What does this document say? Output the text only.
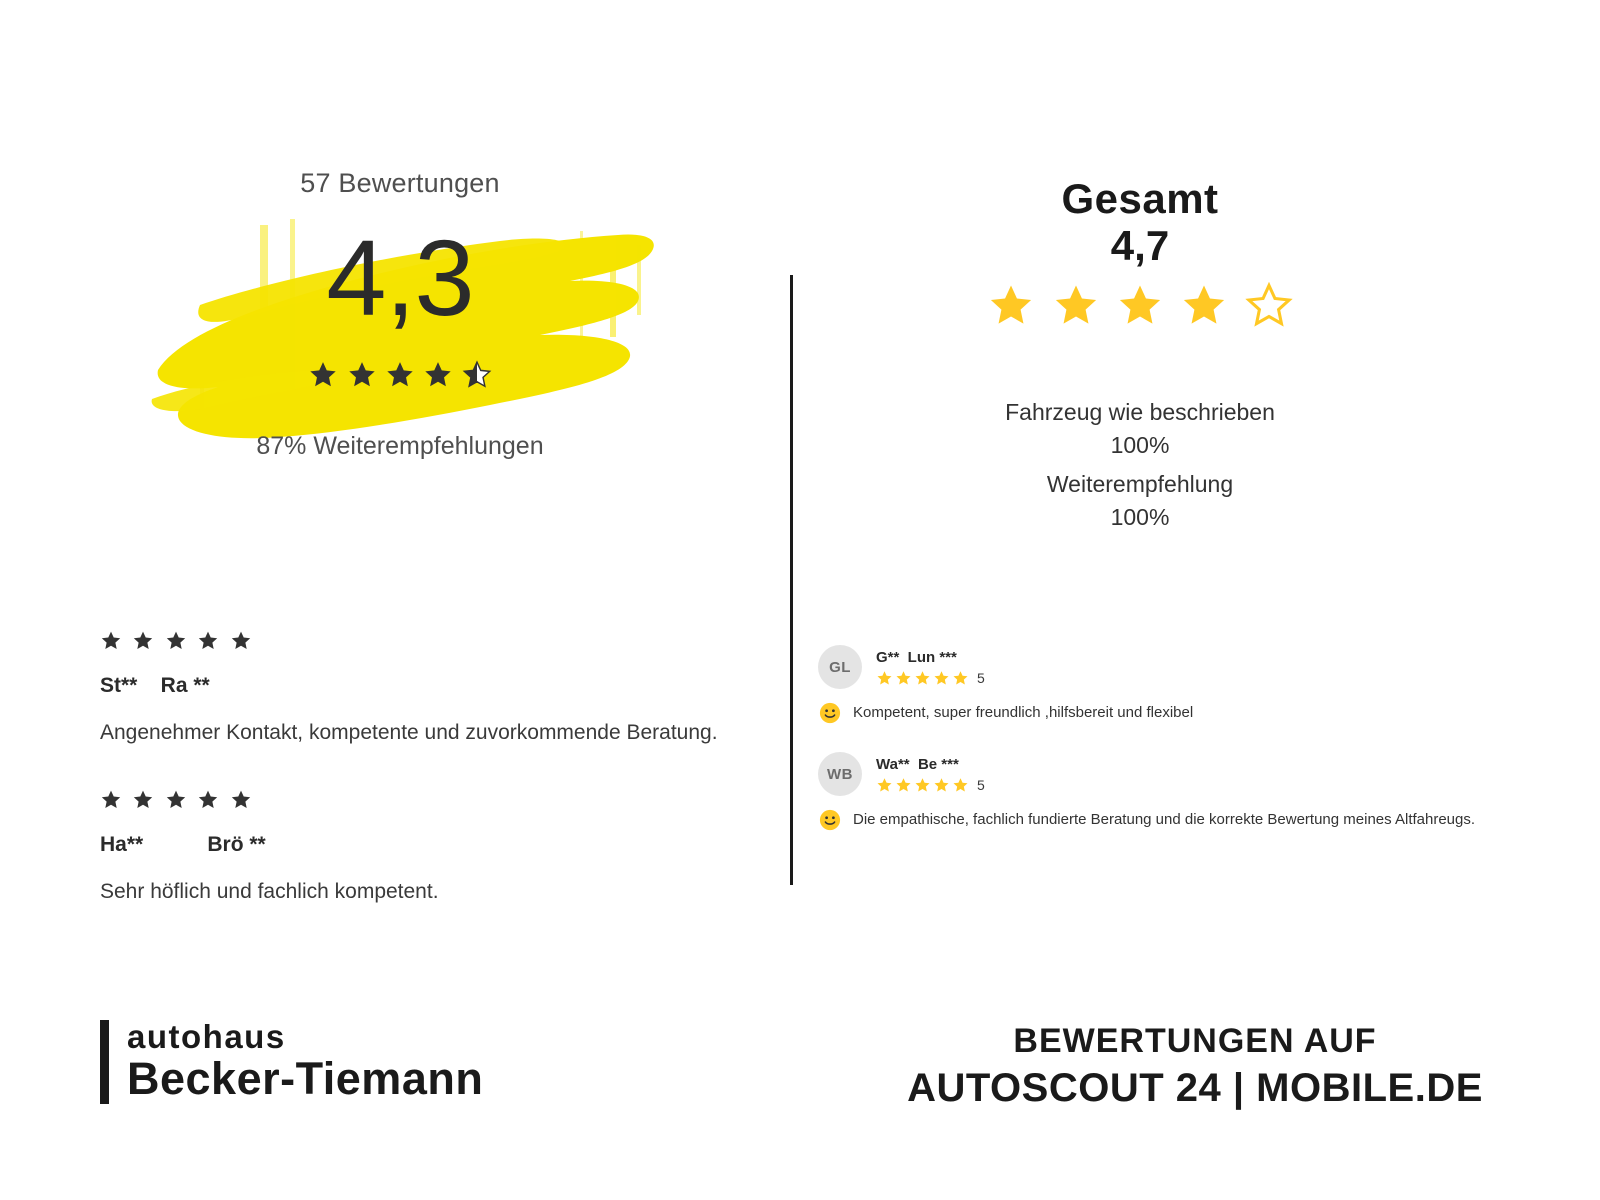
57 Bewertungen
4,3

87% Weiterempfehlungen

St**    Ra **
Angenehmer Kontakt, kompetente und zuvorkommende Beratung.

Ha**           Brö **
Sehr höflich und fachlich kompetent.
autohaus
Becker-Tiemann
Gesamt
4,7

Fahrzeug wie beschrieben
100%
Weiterempfehlung
100%
GL
G**  Lun ***
5
Kompetent, super freundlich ,hilfsbereit und flexibel
WB
Wa**  Be ***
5
Die empathische, fachlich fundierte Beratung und die korrekte Bewertung meines Altfahreugs.
BEWERTUNGEN AUF
AUTOSCOUT 24 | MOBILE.DE
